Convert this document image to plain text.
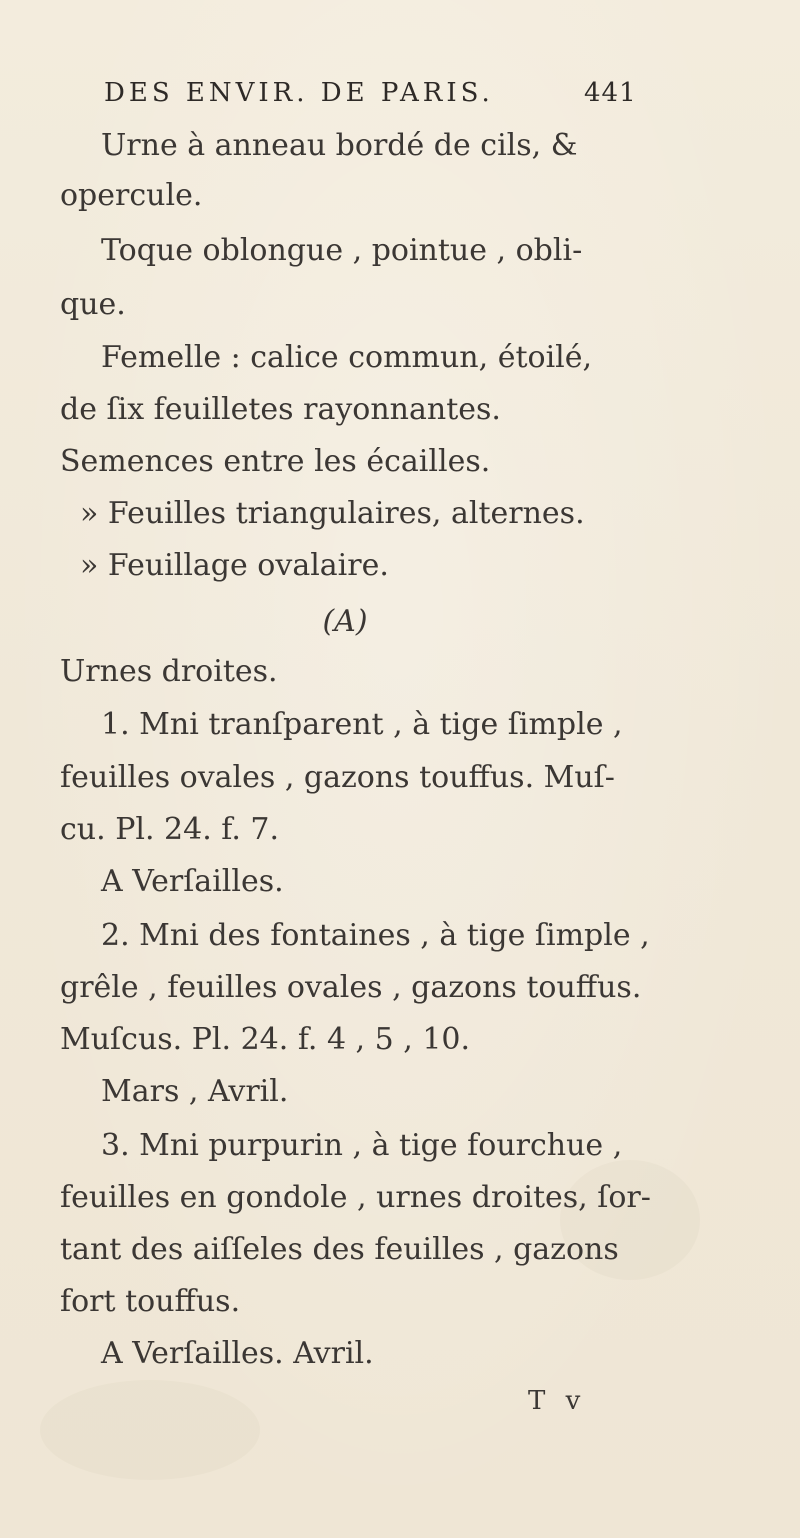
DES ENVIR. DE PARIS.	441
Urne à anneau bordé de cils, &
opercule.
Toque oblongue , pointue , obli-
que.
Femelle : calice commun, étoilé,
de ſix feuilletes rayonnantes.
Semences entre les écailles.
» Feuilles triangulaires, alternes.
» Feuillage ovalaire.
(A)
Urnes droites.
1. Mni tranſparent , à tige ſimple ,
feuilles ovales , gazons touffus. Muſ-
cu. Pl. 24. f. 7.
A Verſailles.
2. Mni des fontaines , à tige ſimple ,
grêle , feuilles ovales , gazons touffus.
Muſcus. Pl. 24. f. 4 , 5 , 10.
Mars , Avril.
3. Mni purpurin , à tige fourchue ,
feuilles en gondole , urnes droites, ſor-
tant des aiſſeles des feuilles , gazons
fort touffus.
A Verſailles. Avril.
T v
